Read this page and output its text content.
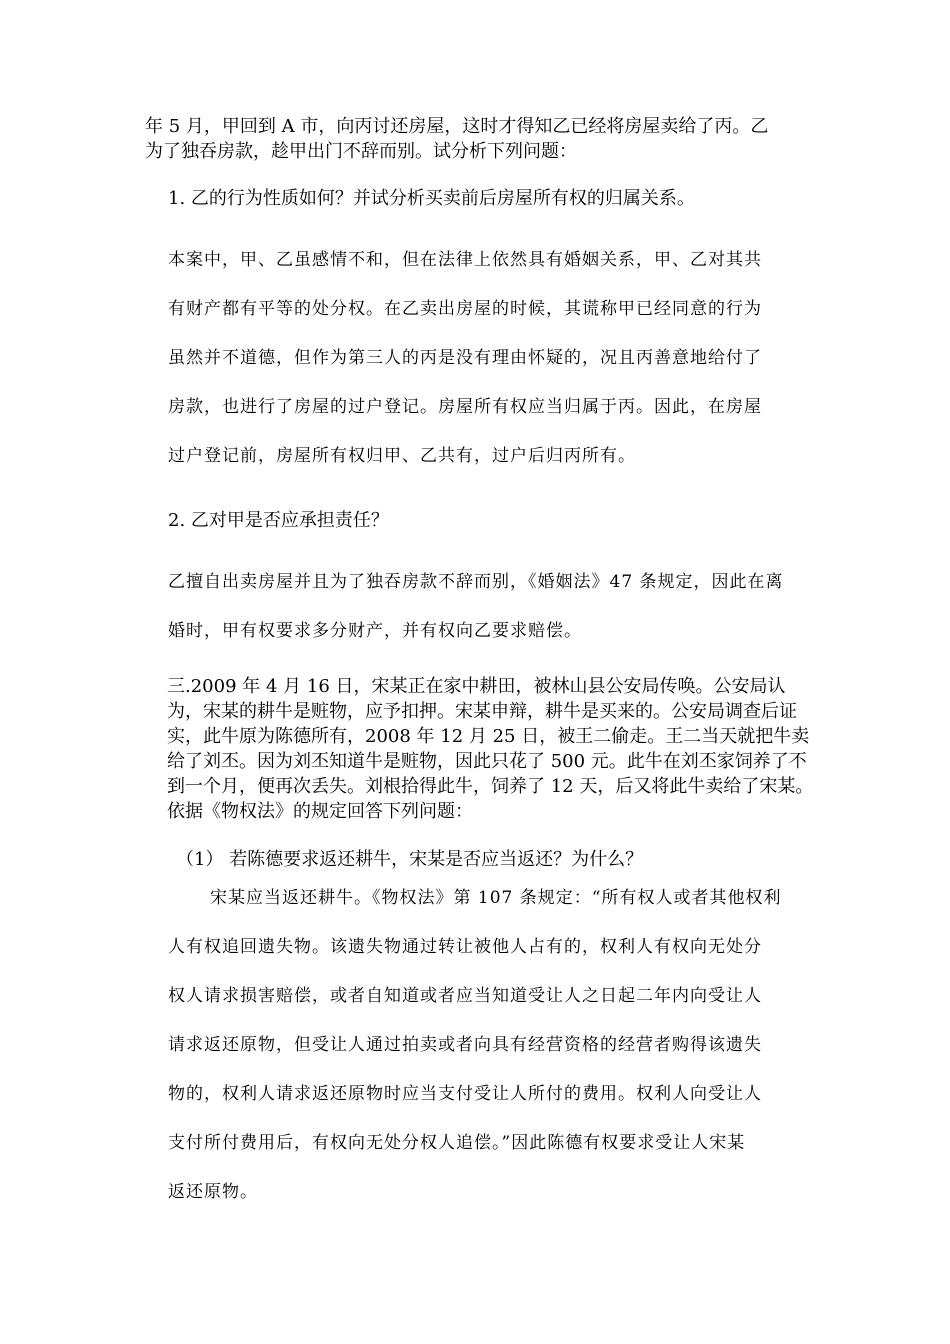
年 5 月，甲回到 A 市，向丙讨还房屋，这时才得知乙已经将房屋卖给了丙。乙
为了独吞房款，趁甲出门不辞而别。试分析下列问题：

1. 乙的行为性质如何？并试分析买卖前后房屋所有权的归属关系。

本案中，甲、乙虽感情不和，但在法律上依然具有婚姻关系，甲、乙对其共
有财产都有平等的处分权。在乙卖出房屋的时候，其谎称甲已经同意的行为
虽然并不道德，但作为第三人的丙是没有理由怀疑的，况且丙善意地给付了
房款，也进行了房屋的过户登记。房屋所有权应当归属于丙。因此，在房屋
过户登记前，房屋所有权归甲、乙共有，过户后归丙所有。

2. 乙对甲是否应承担责任？

乙擅自出卖房屋并且为了独吞房款不辞而别，《婚姻法》47 条规定，因此在离
婚时，甲有权要求多分财产，并有权向乙要求赔偿。

三.2009 年 4 月 16 日，宋某正在家中耕田，被林山县公安局传唤。公安局认
为，宋某的耕牛是赃物，应予扣押。宋某申辩，耕牛是买来的。公安局调查后证
实，此牛原为陈德所有，2008 年 12 月 25 日，被王二偷走。王二当天就把牛卖
给了刘丕。因为刘丕知道牛是赃物，因此只花了 500 元。此牛在刘丕家饲养了不
到一个月，便再次丢失。刘根拾得此牛，饲养了 12 天，后又将此牛卖给了宋某。
依据《物权法》的规定回答下列问题：

（1） 若陈德要求返还耕牛，宋某是否应当返还？为什么？

宋某应当返还耕牛。《物权法》第 107 条规定：“所有权人或者其他权利
人有权追回遗失物。该遗失物通过转让被他人占有的，权利人有权向无处分
权人请求损害赔偿，或者自知道或者应当知道受让人之日起二年内向受让人
请求返还原物，但受让人通过拍卖或者向具有经营资格的经营者购得该遗失
物的，权利人请求返还原物时应当支付受让人所付的费用。权利人向受让人
支付所付费用后，有权向无处分权人追偿。”因此陈德有权要求受让人宋某
返还原物。
